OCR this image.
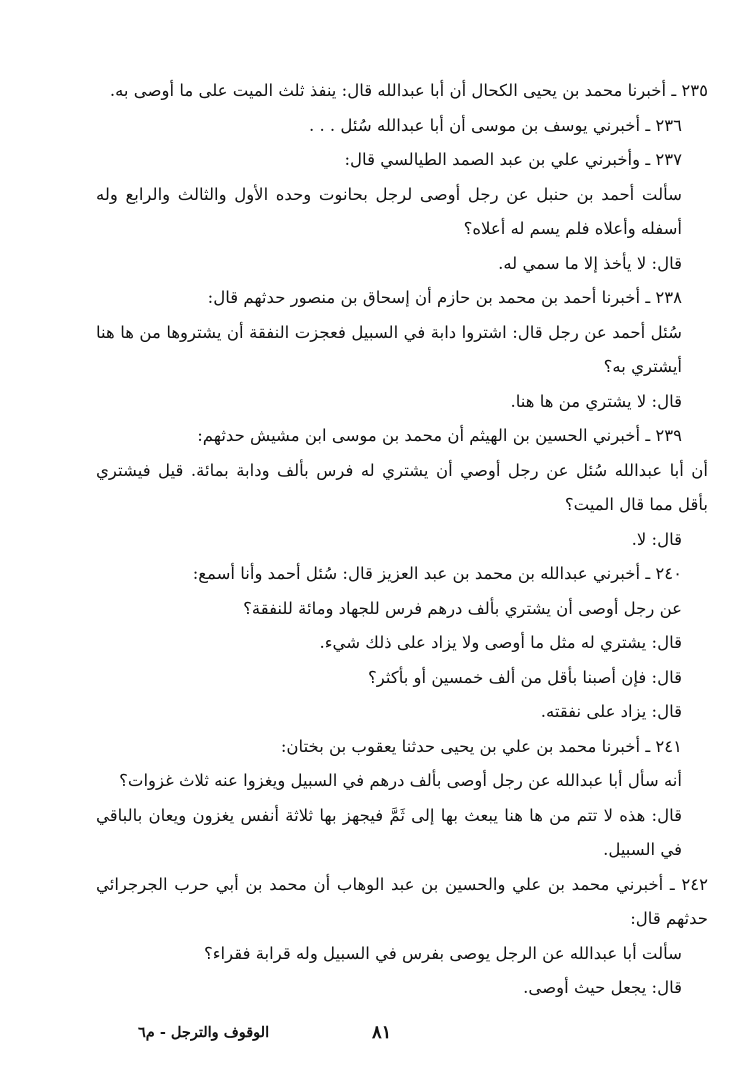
٢٣٥ ـ أخبرنا محمد بن يحيى الكحال أن أبا عبدالله قال: ينفذ ثلث الميت على ما أوصى به.

٢٣٦ ـ أخبرني يوسف بن موسى أن أبا عبدالله سُئل . . .

٢٣٧ ـ وأخبرني علي بن عبد الصمد الطيالسي قال:

سألت أحمد بن حنبل عن رجل أوصى لرجل بحانوت وحده الأول والثالث والرابع وله أسفله وأعلاه فلم يسم له أعلاه؟

قال: لا يأخذ إلا ما سمي له.

٢٣٨ ـ أخبرنا أحمد بن محمد بن حازم أن إسحاق بن منصور حدثهم قال:

سُئل أحمد عن رجل قال: اشتروا دابة في السبيل فعجزت النفقة أن يشتروها من ها هنا أيشتري به؟

قال: لا يشتري من ها هنا.

٢٣٩ ـ أخبرني الحسين بن الهيثم أن محمد بن موسى ابن مشيش حدثهم:

أن أبا عبدالله سُئل عن رجل أوصي أن يشتري له فرس بألف ودابة بمائة. قيل فيشتري بأقل مما قال الميت؟

قال: لا.

٢٤٠ ـ أخبرني عبدالله بن محمد بن عبد العزيز قال: سُئل أحمد وأنا أسمع:

عن رجل أوصى أن يشتري بألف درهم فرس للجهاد ومائة للنفقة؟

قال: يشتري له مثل ما أوصى ولا يزاد على ذلك شيء.

قال: فإن أصبنا بأقل من ألف خمسين أو بأكثر؟

قال: يزاد على نفقته.

٢٤١ ـ أخبرنا محمد بن علي بن يحيى حدثنا يعقوب بن بختان:

أنه سأل أبا عبدالله عن رجل أوصى بألف درهم في السبيل ويغزوا عنه ثلاث غزوات؟

قال: هذه لا تتم من ها هنا يبعث بها إلى ثَمَّ فيجهز بها ثلاثة أنفس يغزون ويعان بالباقي في السبيل.

٢٤٢ ـ أخبرني محمد بن علي والحسين بن عبد الوهاب أن محمد بن أبي حرب الجرجرائي حدثهم قال:

سألت أبا عبدالله عن الرجل يوصى بفرس في السبيل وله قرابة فقراء؟

قال: يجعل حيث أوصى.

٨١
الوقوف والترجل - م٦
